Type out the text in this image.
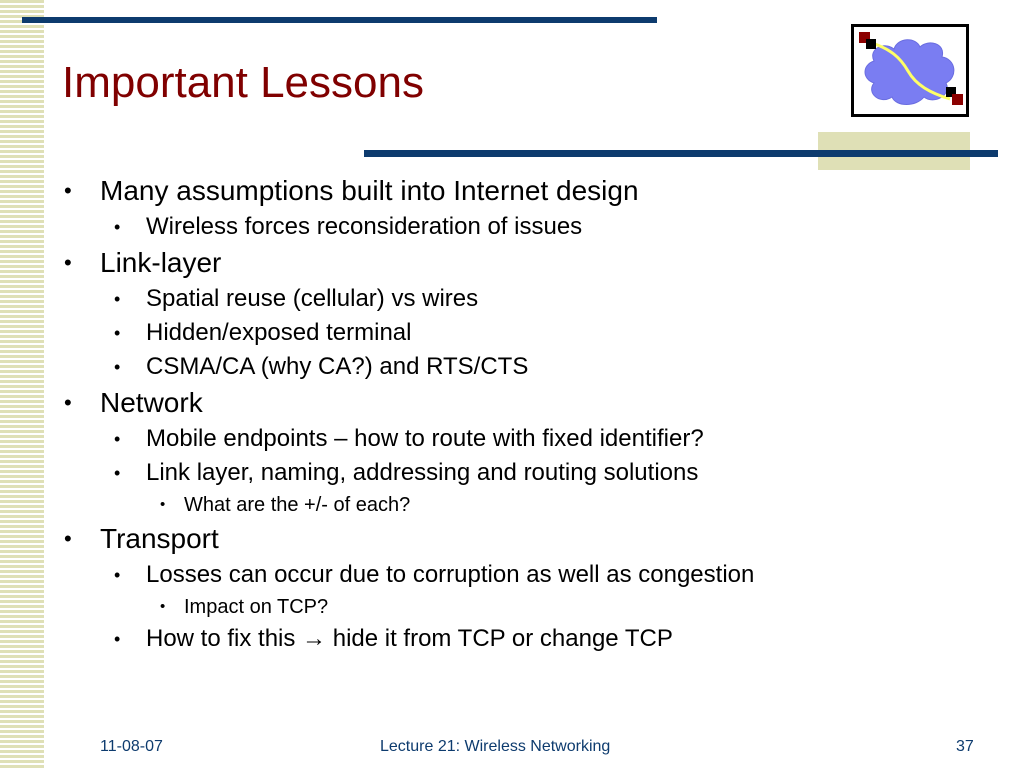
Important Lessons
• Many assumptions built into Internet design
• Wireless forces reconsideration of issues
• Link-layer
• Spatial reuse (cellular) vs wires
• Hidden/exposed terminal
• CSMA/CA (why CA?) and RTS/CTS
• Network
• Mobile endpoints – how to route with fixed identifier?
• Link layer, naming, addressing and routing solutions
• What are the +/- of each?
• Transport
• Losses can occur due to corruption as well as congestion
• Impact on TCP?
• How to fix this → hide it from TCP or change TCP
11-08-07	Lecture 21: Wireless Networking	37
